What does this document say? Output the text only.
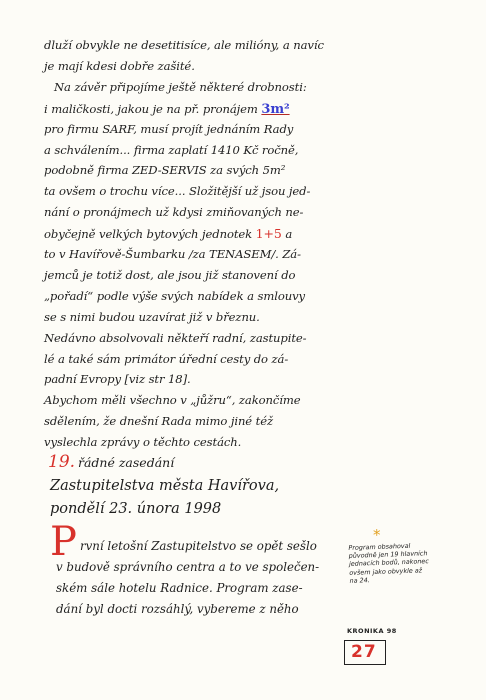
dluží obvykle ne desetitisíce, ale milióny, a navíc
je mají kdesi dobře zašité.
Na závěr připojíme ještě některé drobnosti:
i maličkosti, jakou je na př. pronájem 3m²
pro firmu SARF, musí projít jednáním Rady
a schválením... firma zaplatí 1410 Kč ročně,
podobně firma ZED-SERVIS za svých 5m²
ta ovšem o trochu více... Složitější už jsou jed-
nání o pronájmech už kdysi zmiňovaných ne-
obyčejně velkých bytových jednotek 1+5 a
to v Havířově-Šumbarku /za TENASEM/. Zá-
jemců je totiž dost, ale jsou již stanovení do
„pořadí“ podle výše svých nabídek a smlouvy
se s nimi budou uzavírat již v březnu.
Nedávno absolvovali někteří radní, zastupite-
lé a také sám primátor úřední cesty do zá-
padní Evropy [viz str 18].
Abychom měli všechno v „jůžru“, zakončíme
sdělením, že dnešní Rada mimo jiné též
vyslechla zprávy o těchto cestách.
19. řádné zasedání
Zastupitelstva města Havířova,
pondělí 23. února 1998
P rvní letošní Zastupitelstvo se opět sešlo
v budově správního centra a to ve společen-
ském sále hotelu Radnice. Program zase-
dání byl docti rozsáhlý, vybereme z něho
*
Program obsahoval
původně jen 19 hlavních
jednacích bodů, nakonec
ovšem jako obvykle až
na 24.
KRONIKA 98
27
